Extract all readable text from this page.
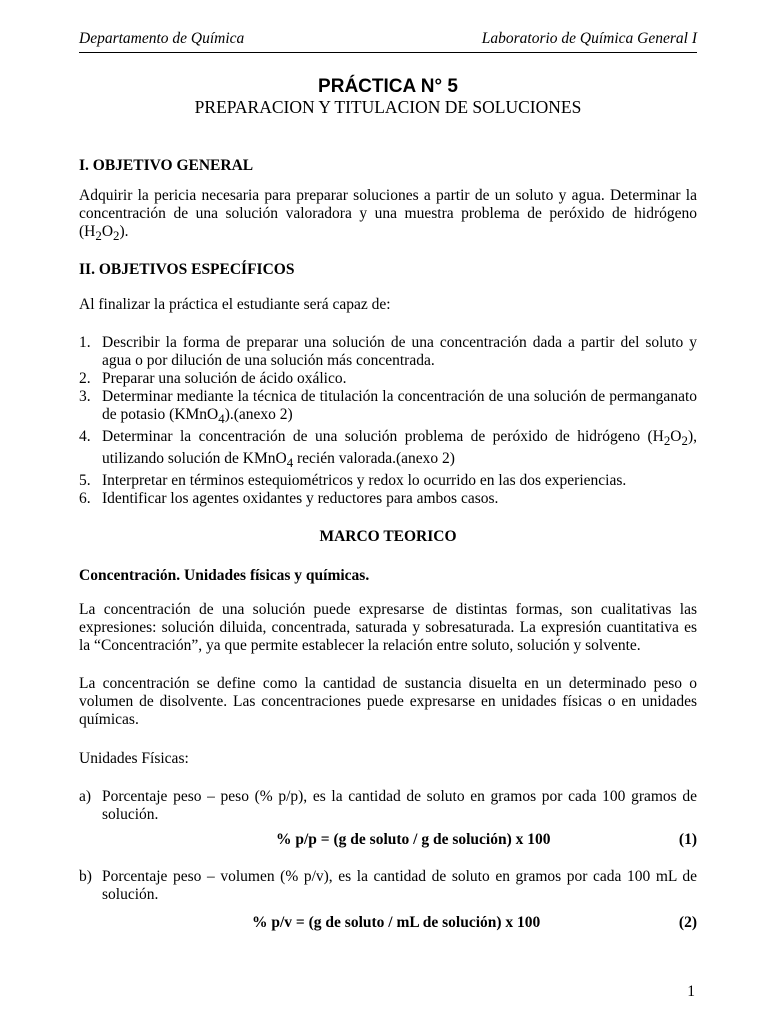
Departamento de Química	Laboratorio de Química General I
PRÁCTICA N° 5
PREPARACION Y TITULACION DE SOLUCIONES
I. OBJETIVO GENERAL
Adquirir la pericia necesaria para preparar soluciones a partir de un soluto y agua. Determinar la concentración de una solución valoradora y una muestra problema de peróxido de hidrógeno $(H_2O_2)$.
II. OBJETIVOS ESPECÍFICOS
Al finalizar la práctica el estudiante será capaz de:
1. Describir la forma de preparar una solución de una concentración dada a partir del soluto y agua o por dilución de una solución más concentrada.
2. Preparar una solución de ácido oxálico.
3. Determinar mediante la técnica de titulación la concentración de una solución de permanganato de potasio (KMnO$_4$).(anexo 2)
4. Determinar la concentración de una solución problema de peróxido de hidrógeno $(H_2O_2)$, utilizando solución de KMnO$_4$ recién valorada.(anexo 2)
5. Interpretar en términos estequiométricos y redox lo ocurrido en las dos experiencias.
6. Identificar los agentes oxidantes y reductores para ambos casos.
MARCO TEORICO
Concentración. Unidades físicas y químicas.
La concentración de una solución puede expresarse de distintas formas, son cualitativas las expresiones: solución diluida, concentrada, saturada y sobresaturada. La expresión cuantitativa es la “Concentración”, ya que permite establecer la relación entre soluto, solución y solvente.
La concentración se define como la cantidad de sustancia disuelta en un determinado peso o volumen de disolvente. Las concentraciones puede expresarse en unidades físicas o en unidades químicas.
Unidades Físicas:
a) Porcentaje peso – peso (% p/p), es la cantidad de soluto en gramos por cada 100 gramos de solución.
% p/p = (g de soluto / g de solución) x 100	(1)
b) Porcentaje peso – volumen (% p/v), es la cantidad de soluto en gramos por cada 100 mL de solución.
% p/v = (g de soluto / mL de solución) x 100	(2)
1
